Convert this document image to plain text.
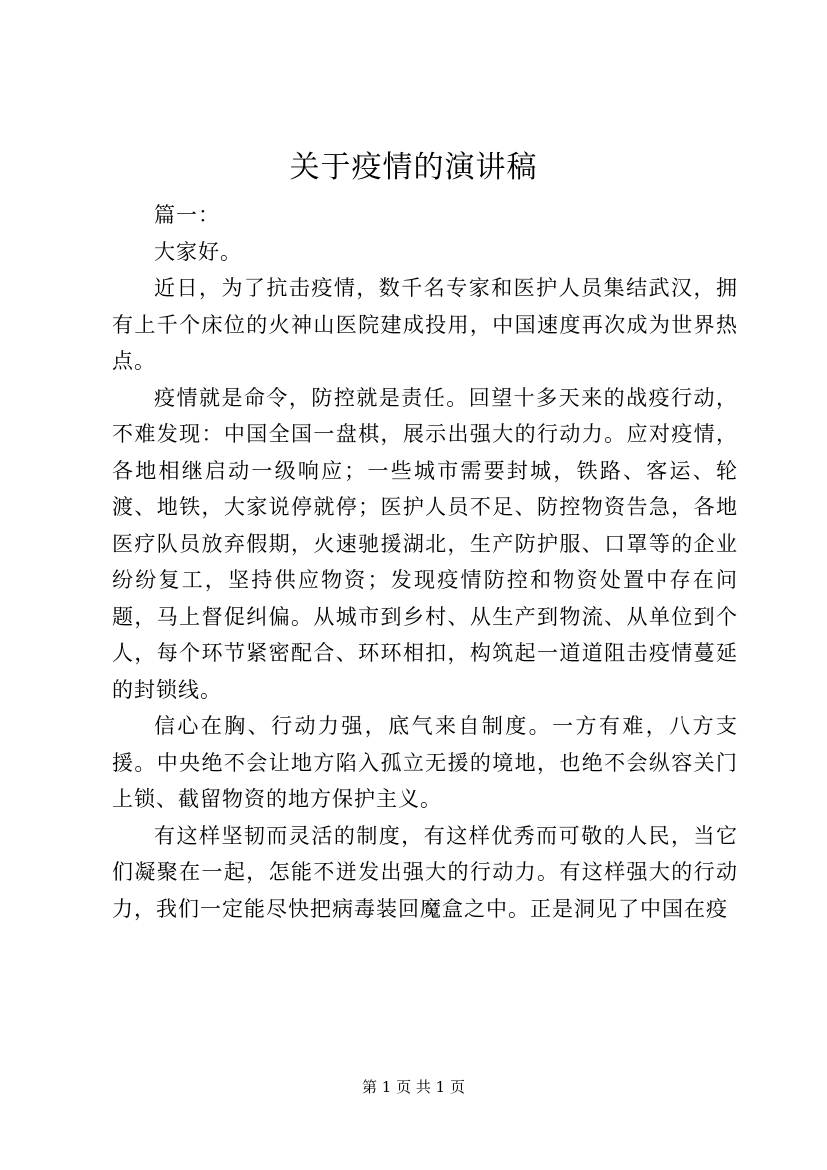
关于疫情的演讲稿

篇一：

大家好。

近日，为了抗击疫情，数千名专家和医护人员集结武汉，拥有上千个床位的火神山医院建成投用，中国速度再次成为世界热点。

疫情就是命令，防控就是责任。回望十多天来的战疫行动，不难发现：中国全国一盘棋，展示出强大的行动力。应对疫情，各地相继启动一级响应；一些城市需要封城，铁路、客运、轮渡、地铁，大家说停就停；医护人员不足、防控物资告急，各地医疗队员放弃假期，火速驰援湖北，生产防护服、口罩等的企业纷纷复工，坚持供应物资；发现疫情防控和物资处置中存在问题，马上督促纠偏。从城市到乡村、从生产到物流、从单位到个人，每个环节紧密配合、环环相扣，构筑起一道道阻击疫情蔓延的封锁线。

信心在胸、行动力强，底气来自制度。一方有难，八方支援。中央绝不会让地方陷入孤立无援的境地，也绝不会纵容关门上锁、截留物资的地方保护主义。

有这样坚韧而灵活的制度，有这样优秀而可敬的人民，当它们凝聚在一起，怎能不迸发出强大的行动力。有这样强大的行动力，我们一定能尽快把病毒装回魔盒之中。正是洞见了中国在疫

第 1 页 共 1 页
